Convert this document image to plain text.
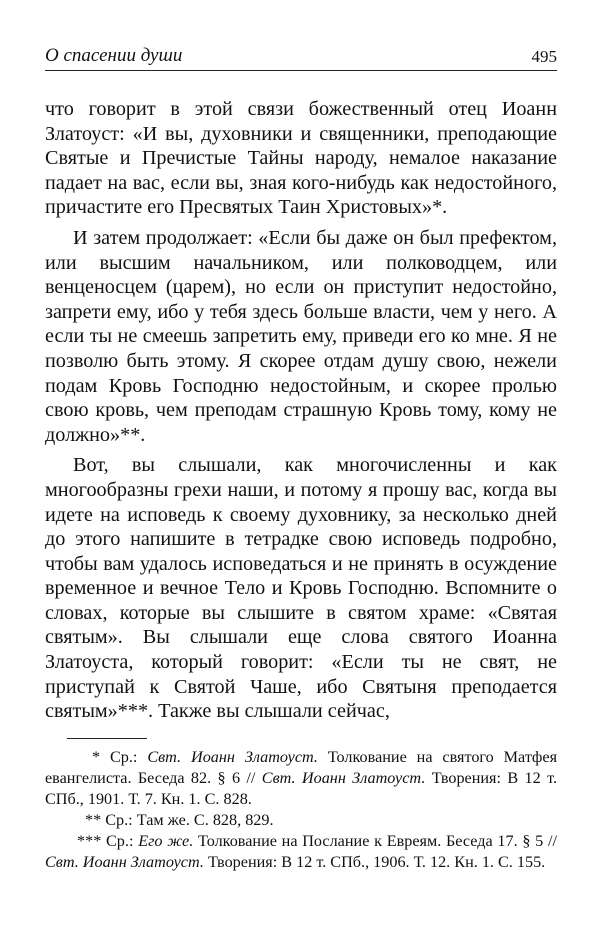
О спасении души	495

что говорит в этой связи божественный отец Иоанн Златоуст: «И вы, духовники и священники, преподающие Святые и Пречистые Тайны народу, немалое наказание падает на вас, если вы, зная кого-нибудь как недостойного, причастите его Пресвятых Таин Христовых»*.

И затем продолжает: «Если бы даже он был префектом, или высшим начальником, или полководцем, или венценосцем (царем), но если он приступит недостойно, запрети ему, ибо у тебя здесь больше власти, чем у него. А если ты не смеешь запретить ему, приведи его ко мне. Я не позволю быть этому. Я скорее отдам душу свою, нежели подам Кровь Господню недостойным, и скорее пролью свою кровь, чем преподам страшную Кровь тому, кому не должно»**.

Вот, вы слышали, как многочисленны и как многообразны грехи наши, и потому я прошу вас, когда вы идете на исповедь к своему духовнику, за несколько дней до этого напишите в тетрадке свою исповедь подробно, чтобы вам удалось исповедаться и не принять в осуждение временное и вечное Тело и Кровь Господню. Вспомните о словах, которые вы слышите в святом храме: «Святая святым». Вы слышали еще слова святого Иоанна Златоуста, который говорит: «Если ты не свят, не приступай к Святой Чаше, ибо Святыня преподается святым»***. Также вы слышали сейчас,

* Ср.: Свт. Иоанн Златоуст. Толкование на святого Матфея евангелиста. Беседа 82. § 6 // Свт. Иоанн Златоуст. Творения: В 12 т. СПб., 1901. Т. 7. Кн. 1. С. 828.

** Ср.: Там же. С. 828, 829.

*** Ср.: Его же. Толкование на Послание к Евреям. Беседа 17. § 5 // Свт. Иоанн Златоуст. Творения: В 12 т. СПб., 1906. Т. 12. Кн. 1. С. 155.
